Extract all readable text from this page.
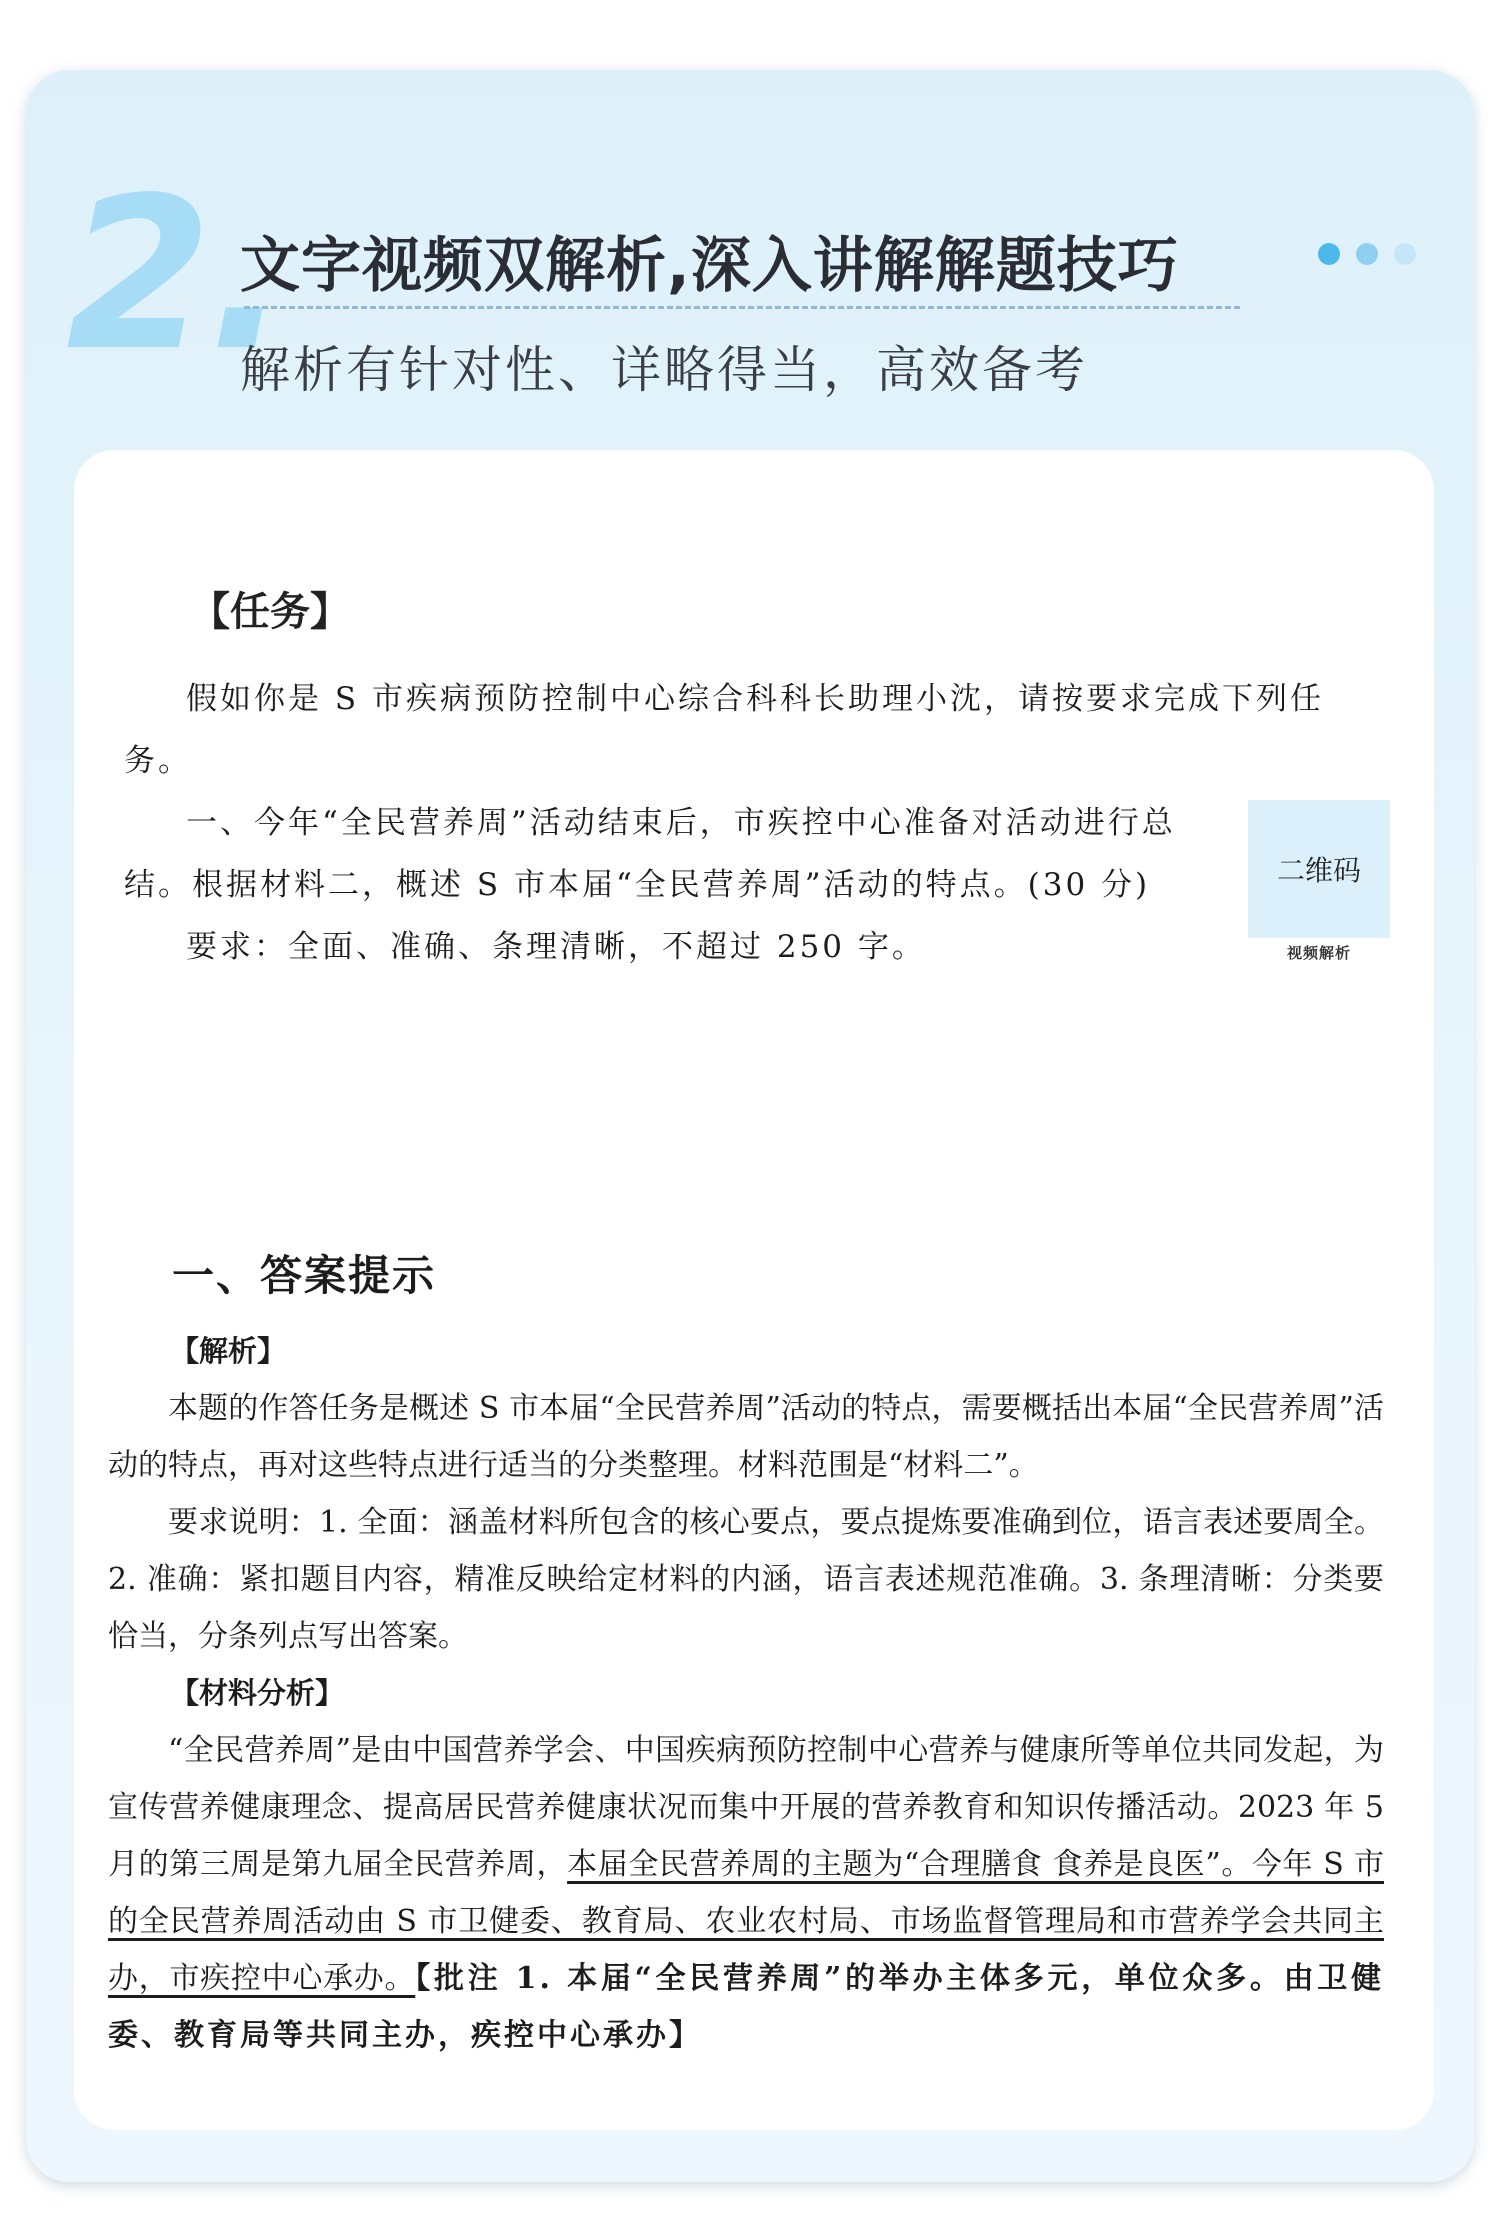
2.
文字视频双解析,深入讲解解题技巧
解析有针对性、详略得当，高效备考
【任务】

假如你是 S 市疾病预防控制中心综合科科长助理小沈，请按要求完成下列任务。

一、今年“全民营养周”活动结束后，市疾控中心准备对活动进行总结。根据材料二，概述 S 市本届“全民营养周”活动的特点。(30 分)

要求：全面、准确、条理清晰，不超过 250 字。

二维码
视频解析
一、答案提示

【解析】

本题的作答任务是概述 S 市本届“全民营养周”活动的特点，需要概括出本届“全民营养周”活动的特点，再对这些特点进行适当的分类整理。材料范围是“材料二”。

要求说明：1. 全面：涵盖材料所包含的核心要点，要点提炼要准确到位，语言表述要周全。2. 准确：紧扣题目内容，精准反映给定材料的内涵，语言表述规范准确。3. 条理清晰：分类要恰当，分条列点写出答案。

【材料分析】

“全民营养周”是由中国营养学会、中国疾病预防控制中心营养与健康所等单位共同发起，为宣传营养健康理念、提高居民营养健康状况而集中开展的营养教育和知识传播活动。2023 年 5 月的第三周是第九届全民营养周，本届全民营养周的主题为“合理膳食 食养是良医”。今年 S 市的全民营养周活动由 S 市卫健委、教育局、农业农村局、市场监督管理局和市营养学会共同主办，市疾控中心承办。【批注 1. 本届“全民营养周”的举办主体多元，单位众多。由卫健委、教育局等共同主办，疾控中心承办】
